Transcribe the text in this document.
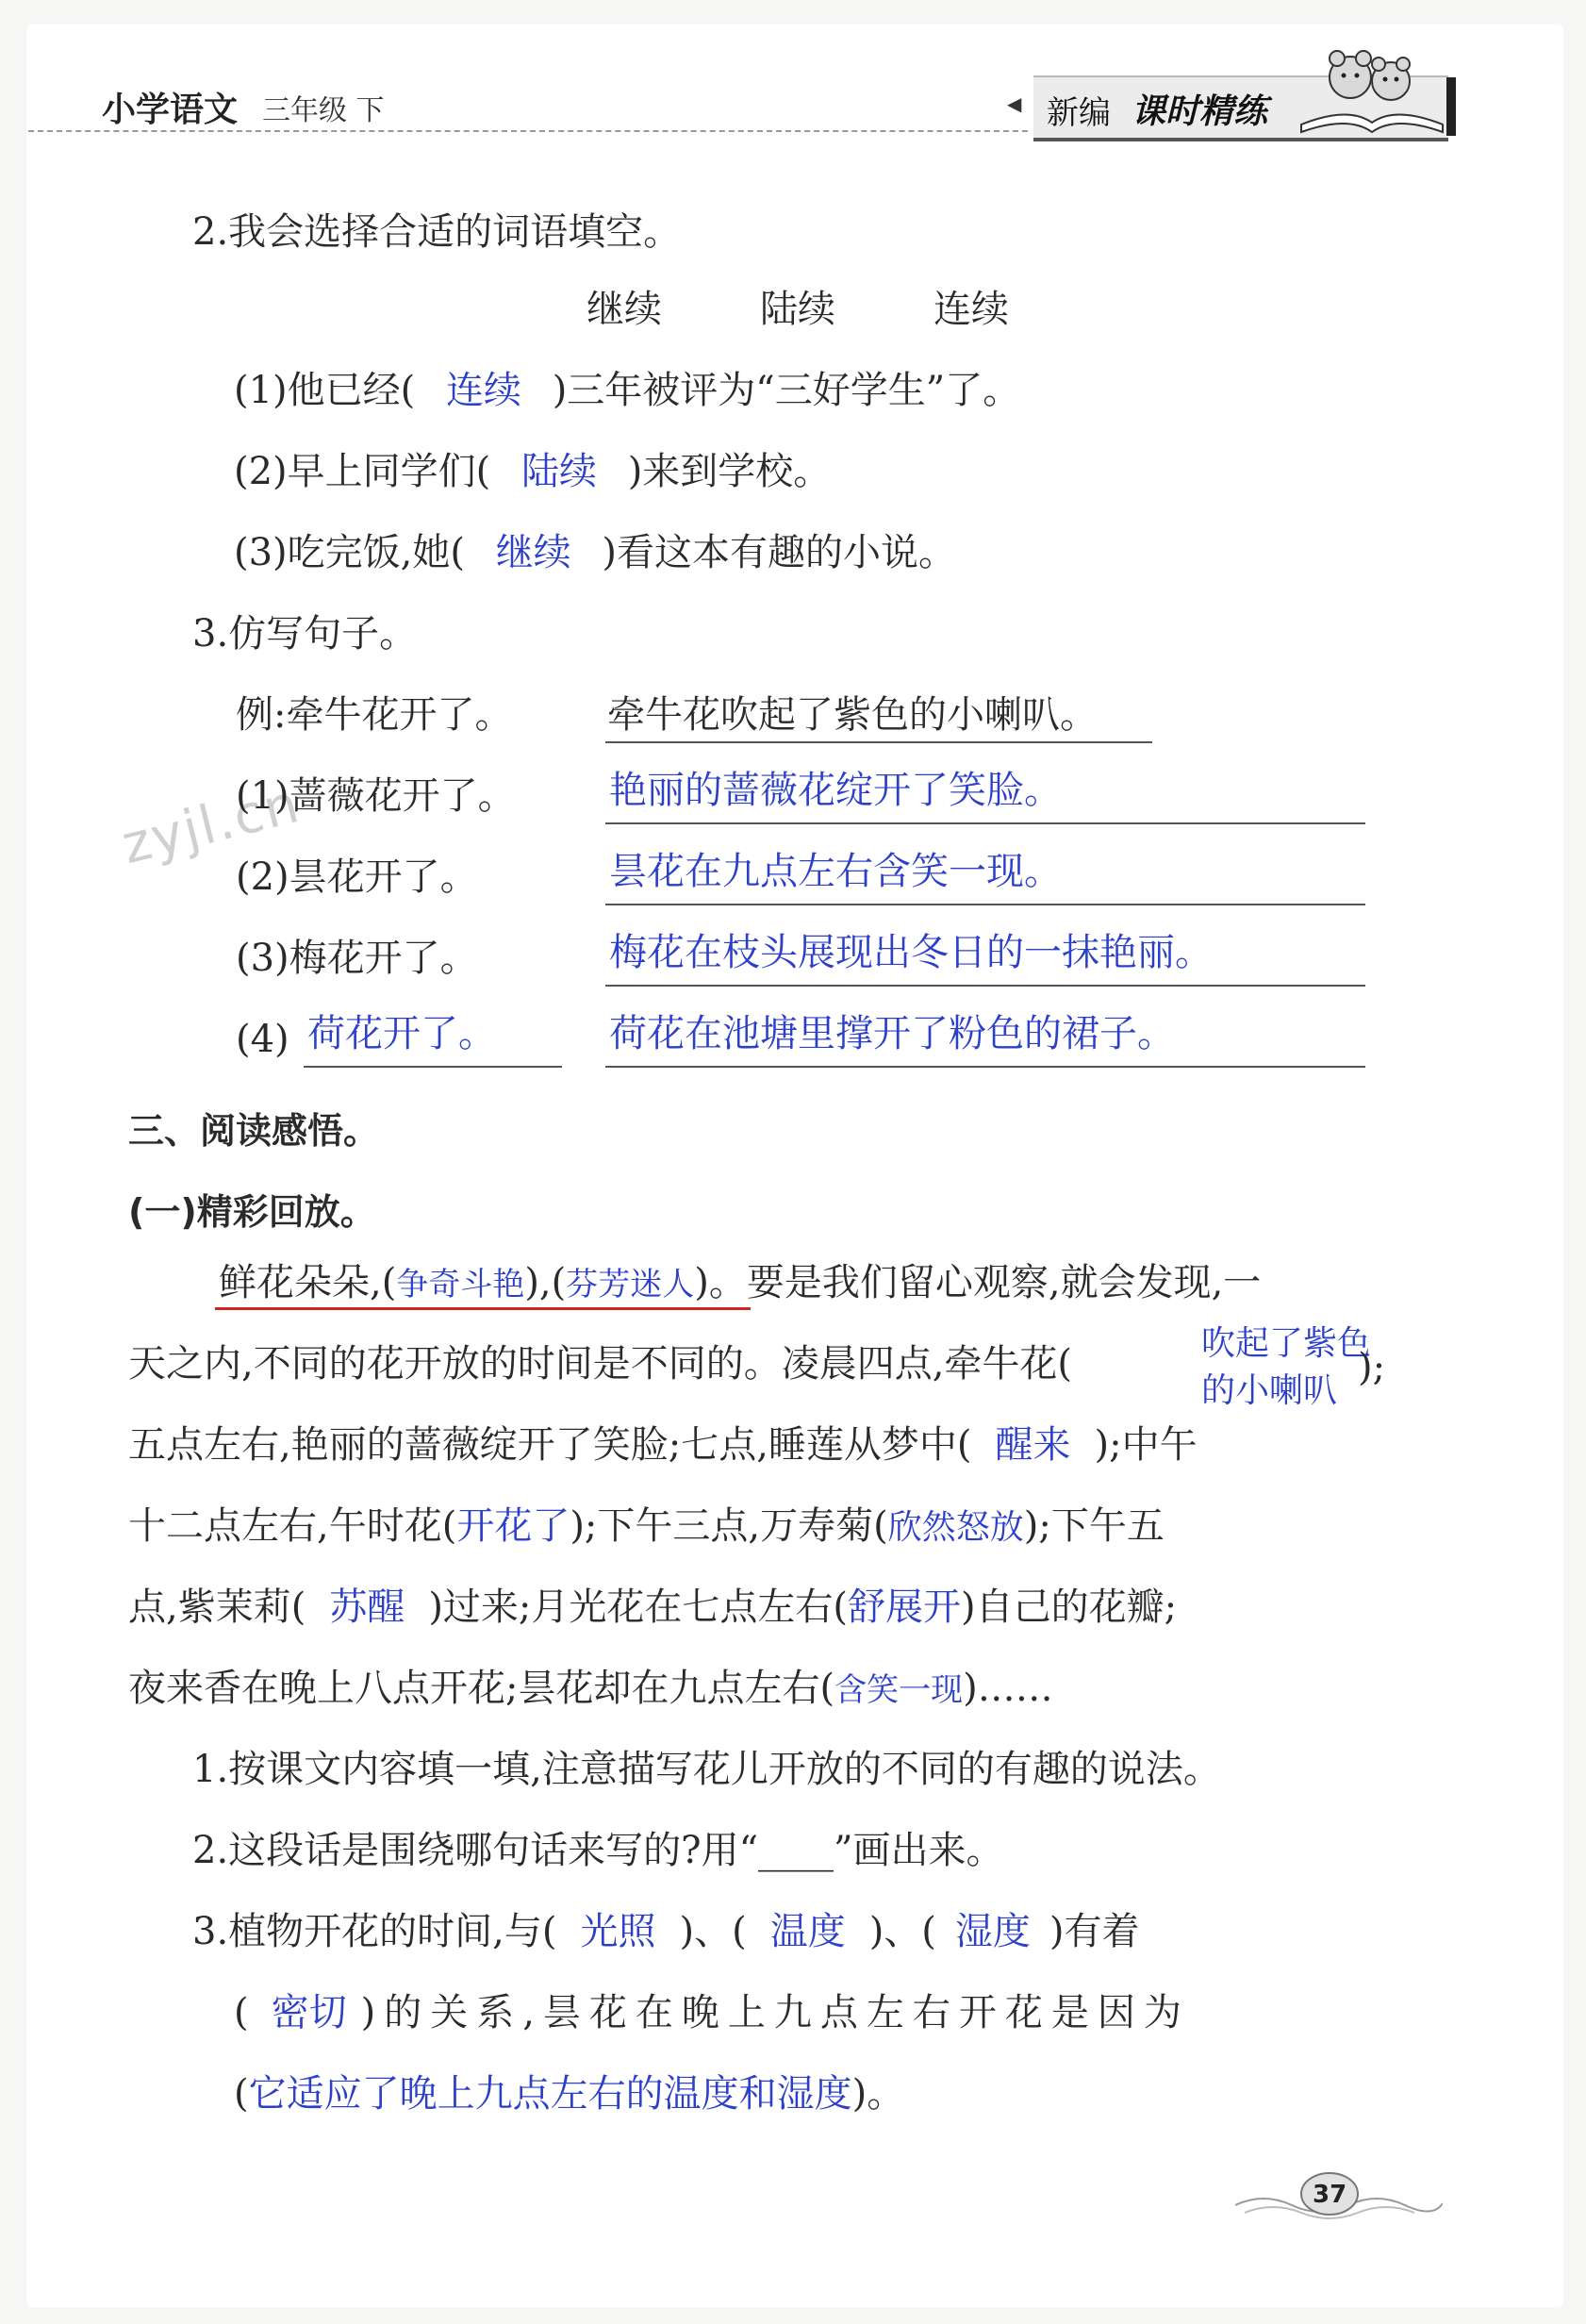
小学语文 三年级 下	◀ 新编 课时精练
zyjl.cn
2.我会选择合适的词语填空。
继续	陆续	连续
(1)他已经( 连续 )三年被评为“三好学生”了。
(2)早上同学们( 陆续 )来到学校。
(3)吃完饭,她( 继续 )看这本有趣的小说。
3.仿写句子。
例:牵牛花开了。	牵牛花吹起了紫色的小喇叭。
(1)蔷薇花开了。 艳丽的蔷薇花绽开了笑脸。
(2)昙花开了。	昙花在九点左右含笑一现。
(3)梅花开了。	梅花在枝头展现出冬日的一抹艳丽。
(4) 荷花开了。	荷花在池塘里撑开了粉色的裙子。
三、阅读感悟。
(一)精彩回放。
鲜花朵朵,(争奇斗艳),(芬芳迷人)。要是我们留心观察,就会发现,一
天之内,不同的花开放的时间是不同的。凌晨四点,牵牛花(	吹起了紫色
的小喇叭
);
五点左右,艳丽的蔷薇绽开了笑脸;七点,睡莲从梦中( 醒来 );中午
十二点左右,午时花(开花了);下午三点,万寿菊(欣然怒放);下午五
点,紫茉莉( 苏醒 )过来;月光花在七点左右(舒展开)自己的花瓣;
夜来香在晚上八点开花;昙花却在九点左右(含笑一现)……
1.按课文内容填一填,注意描写花儿开放的不同的有趣的说法。
2.这段话是围绕哪句话来写的?用“____”画出来。
3.植物开花的时间,与( 光照 )、( 温度 )、( 湿度 )有着
( 密切 )的关系,昙花在晚上九点左右开花是因为
(它适应了晚上九点左右的温度和湿度)。
37
